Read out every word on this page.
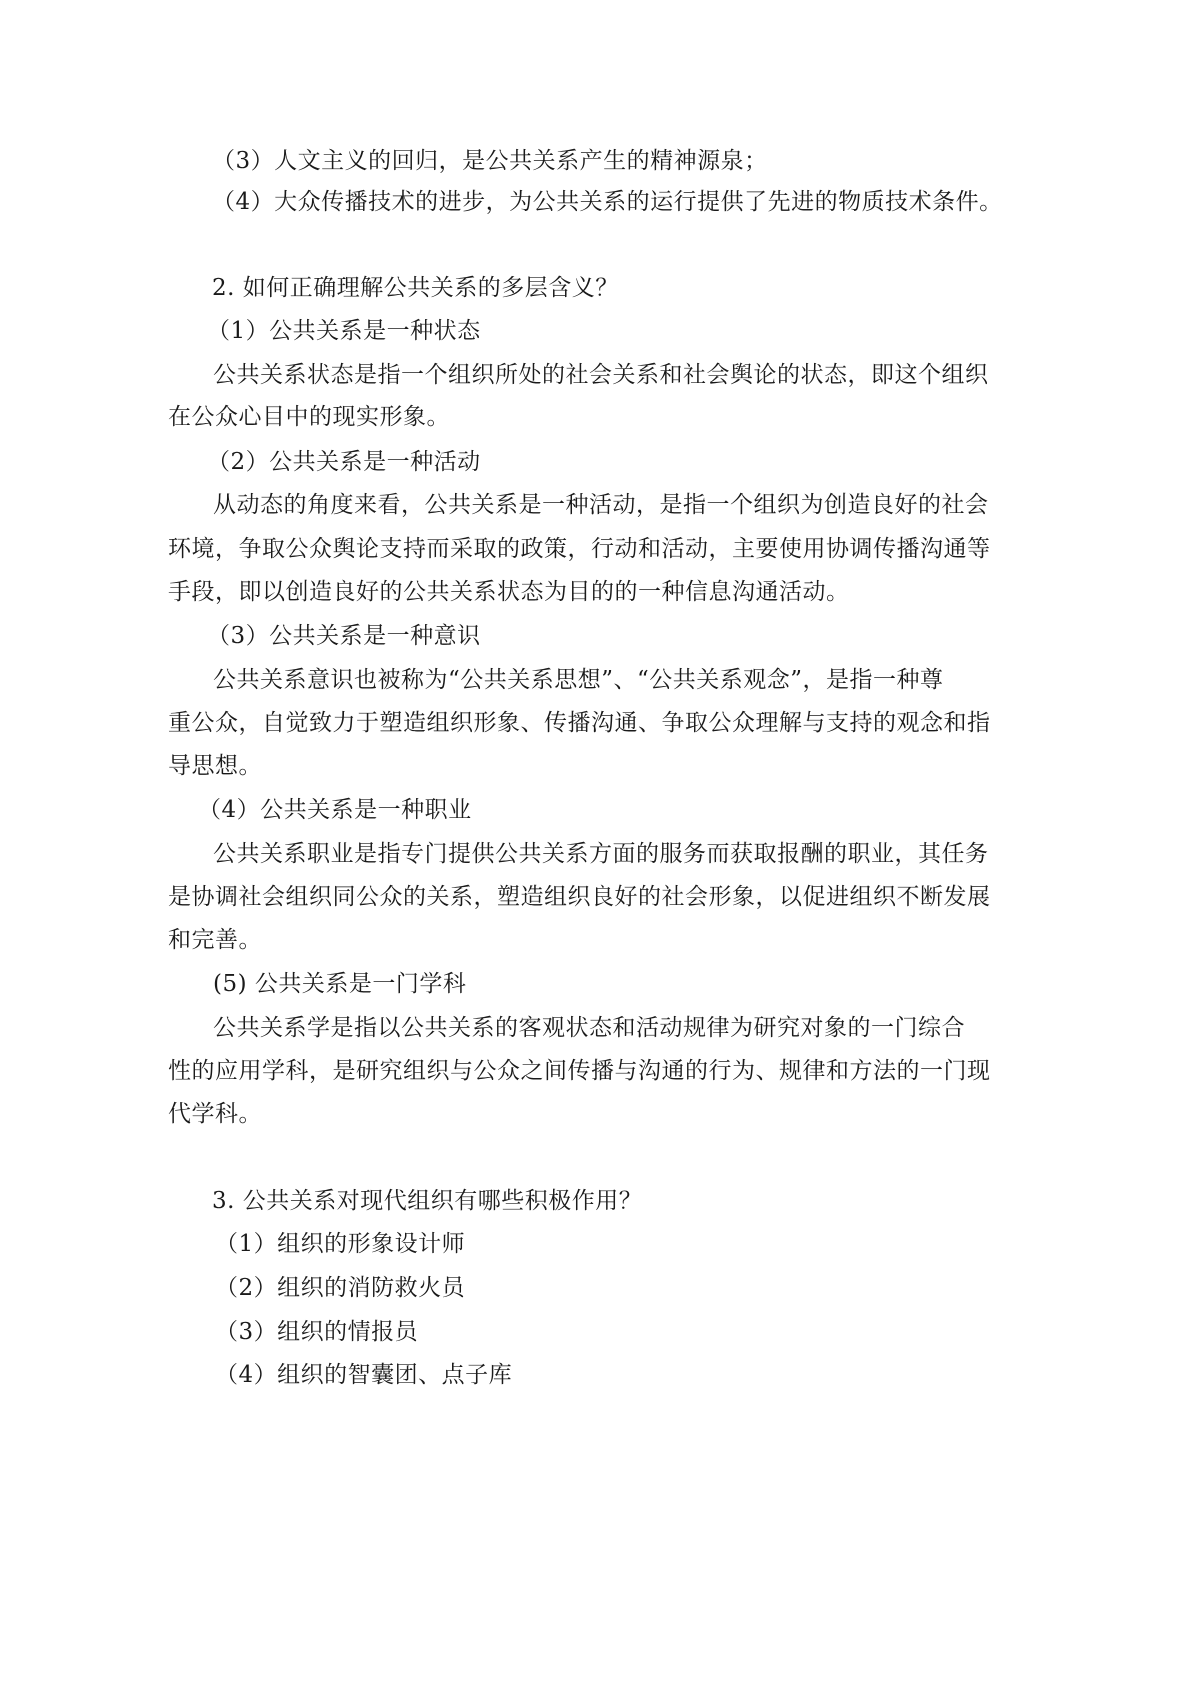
（3）人文主义的回归，是公共关系产生的精神源泉；
（4）大众传播技术的进步，为公共关系的运行提供了先进的物质技术条件。
2. 如何正确理解公共关系的多层含义？
（1）公共关系是一种状态
公共关系状态是指一个组织所处的社会关系和社会舆论的状态，即这个组织
在公众心目中的现实形象。
（2）公共关系是一种活动
从动态的角度来看，公共关系是一种活动，是指一个组织为创造良好的社会
环境，争取公众舆论支持而采取的政策，行动和活动，主要使用协调传播沟通等
手段，即以创造良好的公共关系状态为目的的一种信息沟通活动。
（3）公共关系是一种意识
公共关系意识也被称为“公共关系思想”、“公共关系观念”，是指一种尊
重公众，自觉致力于塑造组织形象、传播沟通、争取公众理解与支持的观念和指
导思想。
（4）公共关系是一种职业
公共关系职业是指专门提供公共关系方面的服务而获取报酬的职业，其任务
是协调社会组织同公众的关系，塑造组织良好的社会形象，以促进组织不断发展
和完善。
(5) 公共关系是一门学科
公共关系学是指以公共关系的客观状态和活动规律为研究对象的一门综合
性的应用学科，是研究组织与公众之间传播与沟通的行为、规律和方法的一门现
代学科。
3. 公共关系对现代组织有哪些积极作用？
（1）组织的形象设计师
（2）组织的消防救火员
（3）组织的情报员
（4）组织的智囊团、点子库
